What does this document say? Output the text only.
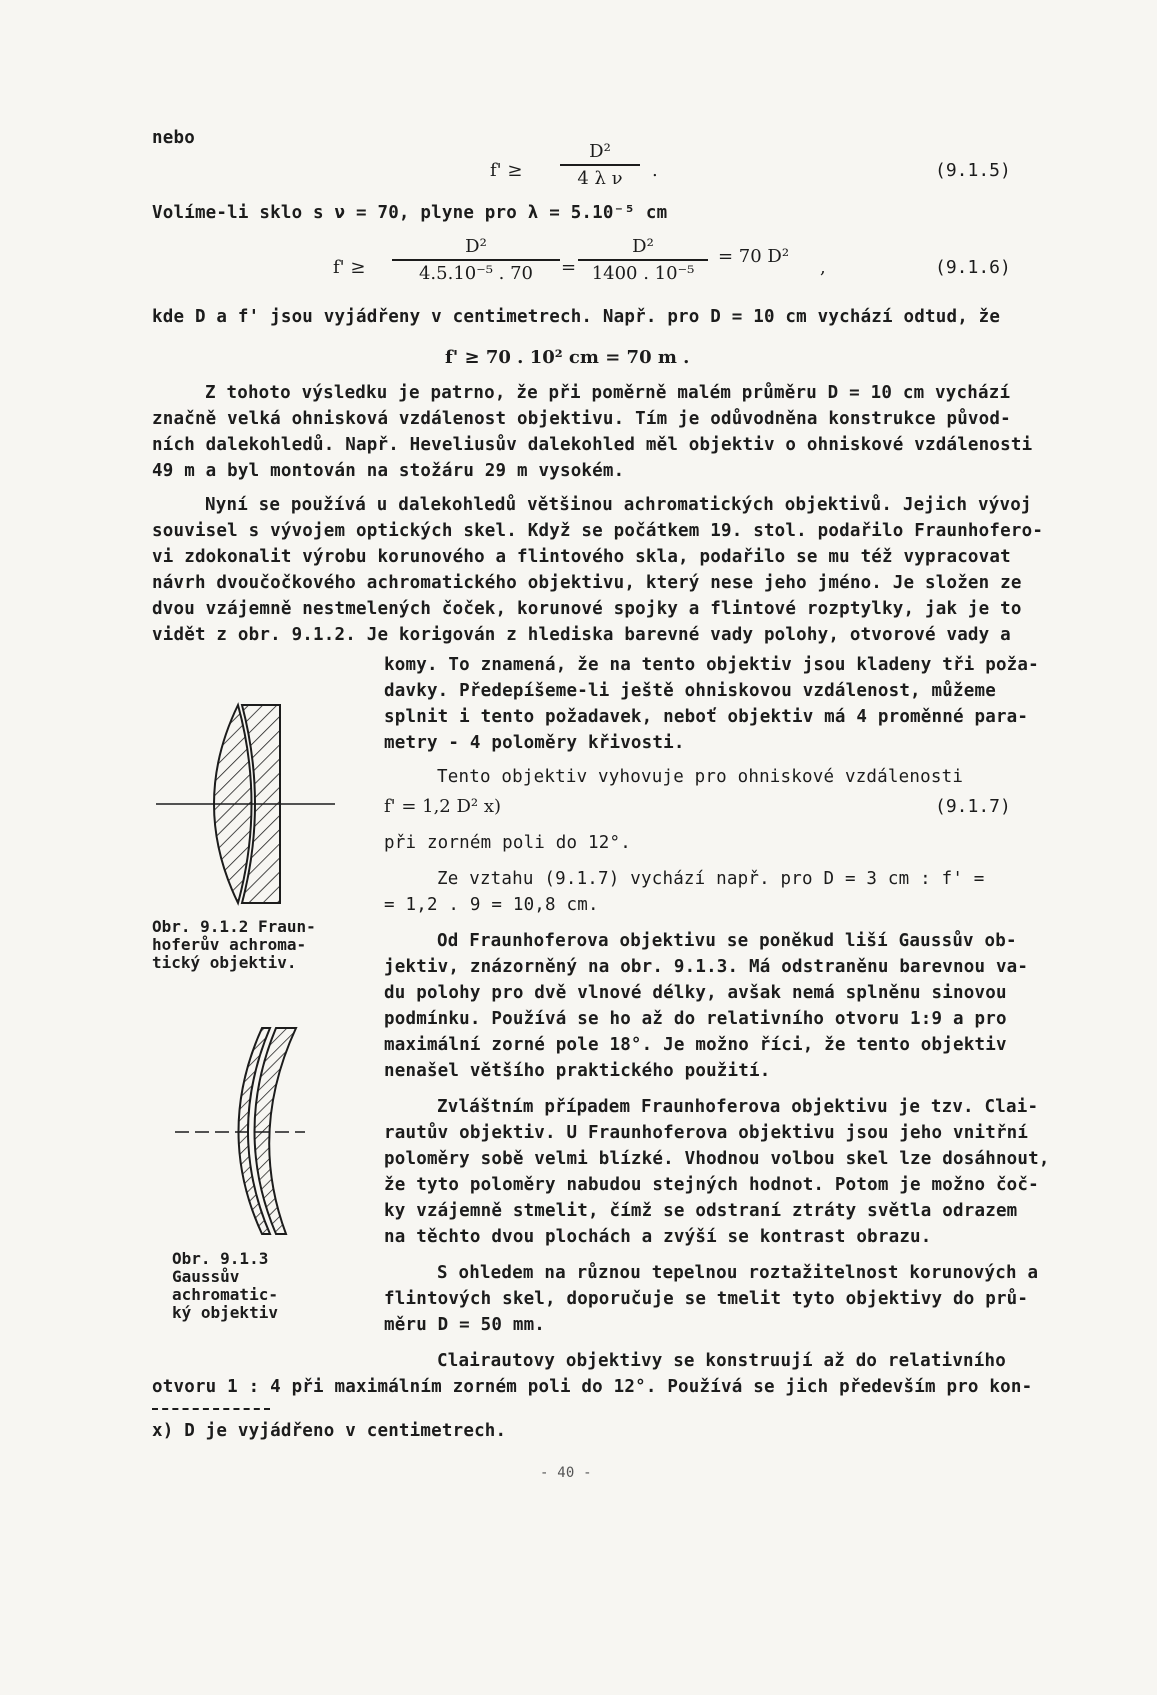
nebo
f' ≥
D²
4 λ ν	.	(9.1.5)
Volíme-li sklo s ν = 70, plyne pro λ = 5.10⁻⁵ cm
f' ≥
D²
4.5.10⁻⁵ . 70	=
D²
1400 . 10⁻⁵
= 70 D²
,	(9.1.6)
kde D a f' jsou vyjádřeny v centimetrech. Např. pro D = 10 cm vychází odtud, že
f' ≥ 70 . 10² cm = 70 m .
Z tohoto výsledku je patrno, že při poměrně malém průměru D = 10 cm vychází
značně velká ohnisková vzdálenost objektivu. Tím je odůvodněna konstrukce původ-
ních dalekohledů. Např. Heveliusův dalekohled měl objektiv o ohniskové vzdálenosti
49 m a byl montován na stožáru 29 m vysokém.
Nyní se používá u dalekohledů většinou achromatických objektivů. Jejich vývoj
souvisel s vývojem optických skel. Když se počátkem 19. stol. podařilo Fraunhofero-
vi zdokonalit výrobu korunového a flintového skla, podařilo se mu též vypracovat
návrh dvoučočkového achromatického objektivu, který nese jeho jméno. Je složen ze
dvou vzájemně nestmelených čoček, korunové spojky a flintové rozptylky, jak je to
vidět z obr. 9.1.2. Je korigován z hlediska barevné vady polohy, otvorové vady a
komy. To znamená, že na tento objektiv jsou kladeny tři poža-
davky. Předepíšeme-li ještě ohniskovou vzdálenost, můžeme
splnit i tento požadavek, neboť objektiv má 4 proměnné para-
metry - 4 poloměry křivosti.
Tento objektiv vyhovuje pro ohniskové vzdálenosti
f' = 1,2 D² x)	(9.1.7)
při zorném poli do 12°.
Ze vztahu (9.1.7) vychází např. pro D = 3 cm : f' =
= 1,2 . 9 = 10,8 cm.
Od Fraunhoferova objektivu se poněkud liší Gaussův ob-
jektiv, znázorněný na obr. 9.1.3. Má odstraněnu barevnou va-
du polohy pro dvě vlnové délky, avšak nemá splněnu sinovou
podmínku. Používá se ho až do relativního otvoru 1:9 a pro
maximální zorné pole 18°. Je možno říci, že tento objektiv
nenašel většího praktického použití.
Zvláštním případem Fraunhoferova objektivu je tzv. Clai-
rautův objektiv. U Fraunhoferova objektivu jsou jeho vnitřní
poloměry sobě velmi blízké. Vhodnou volbou skel lze dosáhnout,
že tyto poloměry nabudou stejných hodnot. Potom je možno čoč-
ky vzájemně stmelit, čímž se odstraní ztráty světla odrazem
na těchto dvou plochách a zvýší se kontrast obrazu.
S ohledem na různou tepelnou roztažitelnost korunových a
flintových skel, doporučuje se tmelit tyto objektivy do prů-
měru D = 50 mm.
Clairautovy objektivy se konstruují až do relativního
otvoru 1 : 4 při maximálním zorném poli do 12°. Používá se jich především pro kon-
x) D je vyjádřeno v centimetrech.
Obr. 9.1.2 Fraun-
hoferův achroma-
tický objektiv.
Obr. 9.1.3
Gaussův
achromatic-
ký objektiv
- 40 -
